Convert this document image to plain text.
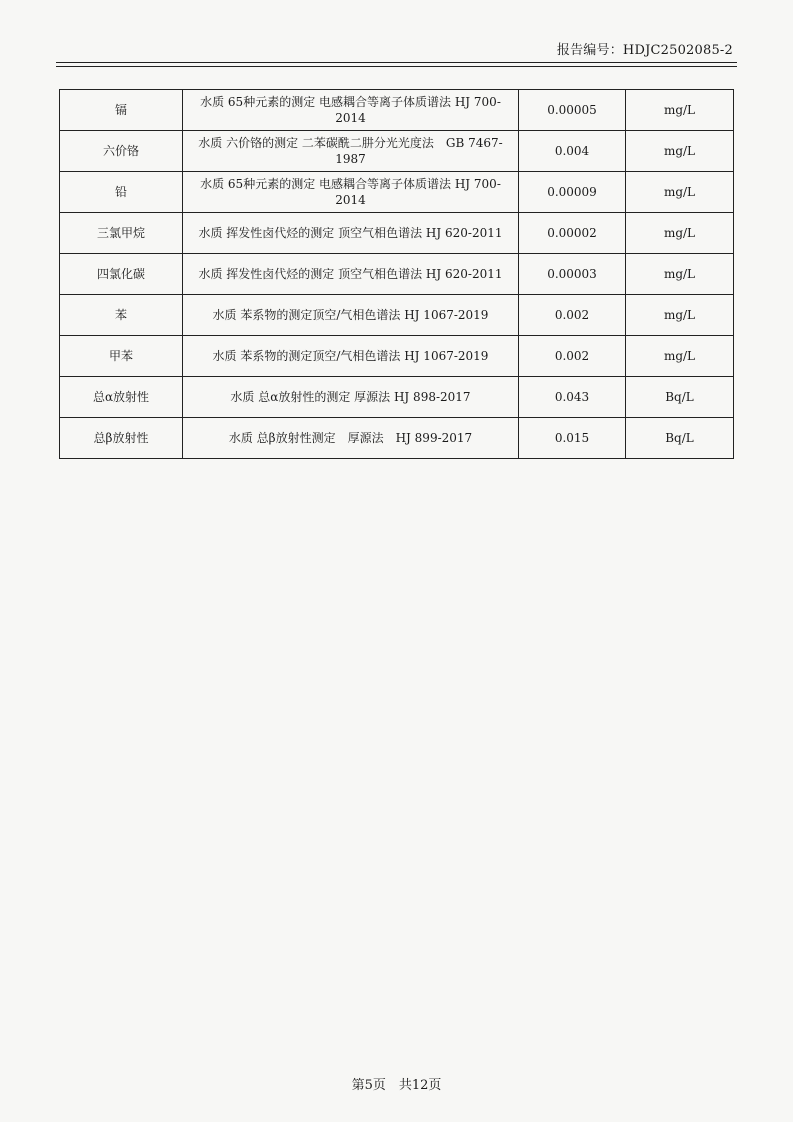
报告编号：HDJC2502085-2
镉	水质 65种元素的测定 电感耦合等离子体质谱法 HJ 700-2014	0.00005	mg/L
六价铬	水质 六价铬的测定 二苯碳酰二肼分光光度法　GB 7467-1987	0.004	mg/L
铅	水质 65种元素的测定 电感耦合等离子体质谱法 HJ 700-2014	0.00009	mg/L
三氯甲烷	水质 挥发性卤代烃的测定 顶空气相色谱法 HJ 620-2011	0.00002	mg/L
四氯化碳	水质 挥发性卤代烃的测定 顶空气相色谱法 HJ 620-2011	0.00003	mg/L
苯	水质 苯系物的测定顶空/气相色谱法 HJ 1067-2019	0.002	mg/L
甲苯	水质 苯系物的测定顶空/气相色谱法 HJ 1067-2019	0.002	mg/L
总α放射性	水质 总α放射性的测定 厚源法 HJ 898-2017	0.043	Bq/L
总β放射性	水质 总β放射性测定　厚源法　HJ 899-2017	0.015	Bq/L
第5页　共12页
